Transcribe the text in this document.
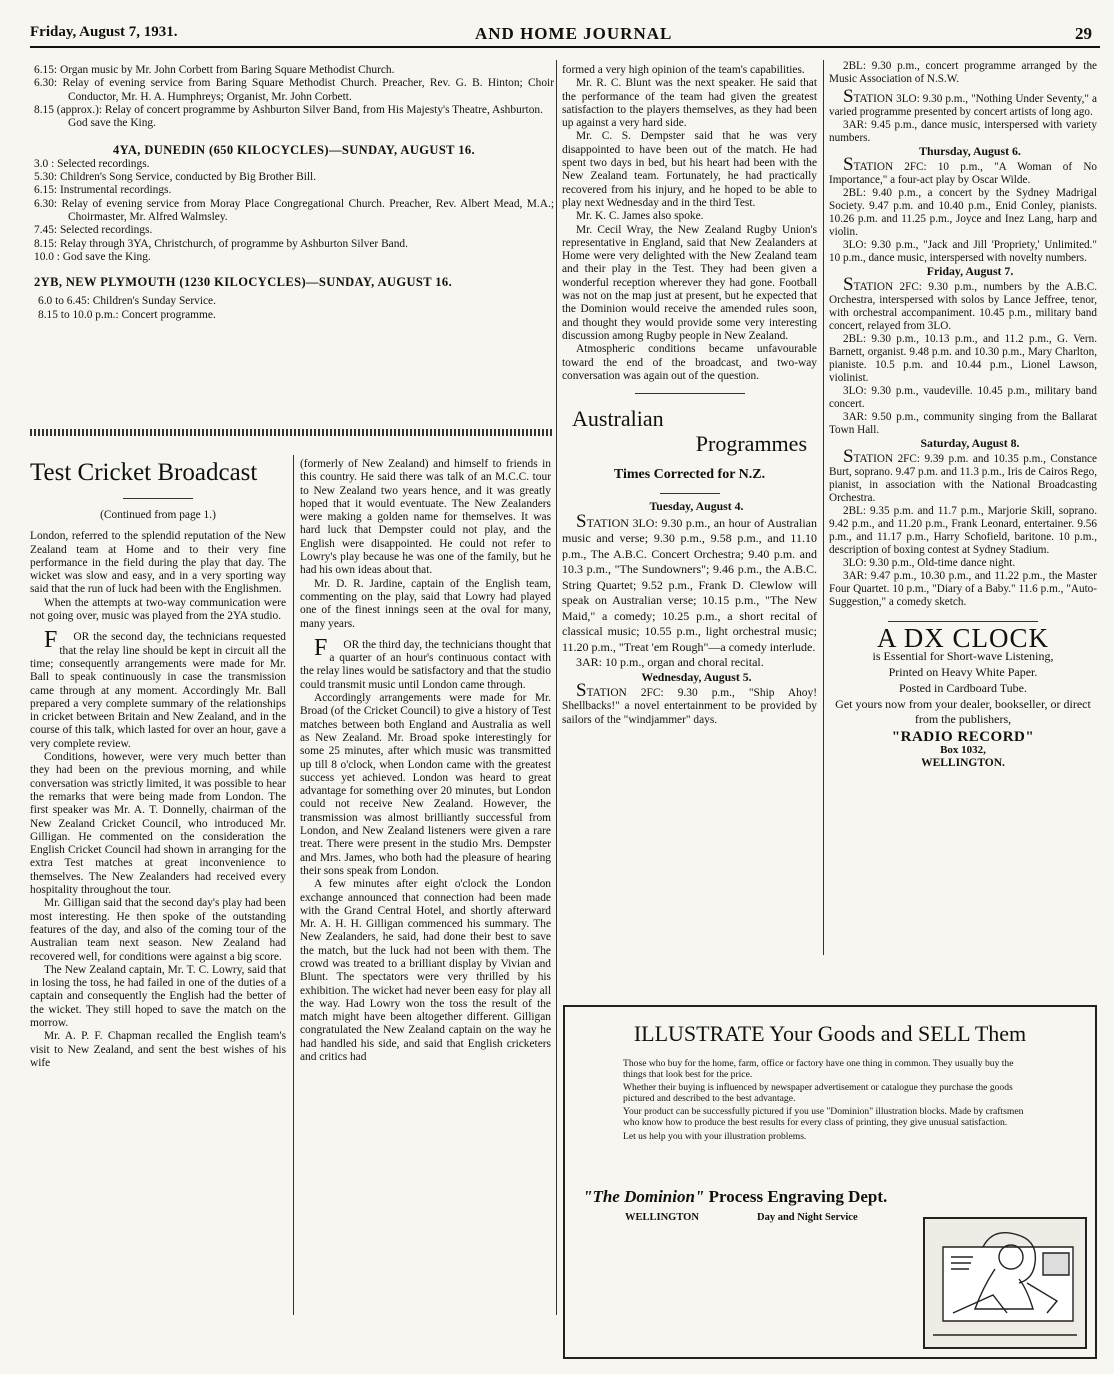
Friday, August 7, 1931.	AND HOME JOURNAL	29
6.15: Organ music by Mr. John Corbett from Baring Square Methodist Church.
6.30: Relay of evening service from Baring Square Methodist Church. Preacher, Rev. G. B. Hinton; Choir Conductor, Mr. H. A. Humphreys; Organist, Mr. John Corbett.
8.15 (approx.): Relay of concert programme by Ashburton Silver Band, from His Majesty's Theatre, Ashburton.
God save the King.
4YA, DUNEDIN (650 KILOCYCLES)—SUNDAY, AUGUST 16.
3.0 : Selected recordings.
5.30: Children's Song Service, conducted by Big Brother Bill.
6.15: Instrumental recordings.
6.30: Relay of evening service from Moray Place Congregational Church. Preacher, Rev. Albert Mead, M.A.; Choirmaster, Mr. Alfred Walmsley.
7.45: Selected recordings.
8.15: Relay through 3YA, Christchurch, of programme by Ashburton Silver Band.
10.0 : God save the King.
2YB, NEW PLYMOUTH (1230 KILOCYCLES)—SUNDAY, AUGUST 16.
6.0 to 6.45: Children's Sunday Service.
8.15 to 10.0 p.m.: Concert programme.
Test Cricket Broadcast

(Continued from page 1.)

London, referred to the splendid reputation of the New Zealand team at Home and to their very fine performance in the field during the play that day. The wicket was slow and easy, and in a very sporting way said that the run of luck had been with the Englishmen.

When the attempts at two-way communication were not going over, music was played from the 2YA studio.

FOR the second day, the technicians requested that the relay line should be kept in circuit all the time; consequently arrangements were made for Mr. Ball to speak continuously in case the transmission came through at any moment. Accordingly Mr. Ball prepared a very complete summary of the relationships in cricket between Britain and New Zealand, and in the course of this talk, which lasted for over an hour, gave a very complete review.

Conditions, however, were very much better than they had been on the previous morning, and while conversation was strictly limited, it was possible to hear the remarks that were being made from London. The first speaker was Mr. A. T. Donnelly, chairman of the New Zealand Cricket Council, who introduced Mr. Gilligan. He commented on the consideration the English Cricket Council had shown in arranging for the extra Test matches at great inconvenience to themselves. The New Zealanders had received every hospitality throughout the tour.

Mr. Gilligan said that the second day's play had been most interesting. He then spoke of the outstanding features of the day, and also of the coming tour of the Australian team next season. New Zealand had recovered well, for conditions were against a big score.

The New Zealand captain, Mr. T. C. Lowry, said that in losing the toss, he had failed in one of the duties of a captain and consequently the English had the better of the wicket. They still hoped to save the match on the morrow.

Mr. A. P. F. Chapman recalled the English team's visit to New Zealand, and sent the best wishes of his wife

(formerly of New Zealand) and himself to friends in this country. He said there was talk of an M.C.C. tour to New Zealand two years hence, and it was greatly hoped that it would eventuate. The New Zealanders were making a golden name for themselves. It was hard luck that Dempster could not play, and the English were disappointed. He could not refer to Lowry's play because he was one of the family, but he had his own ideas about that.

Mr. D. R. Jardine, captain of the English team, commenting on the play, said that Lowry had played one of the finest innings seen at the oval for many, many years.

FOR the third day, the technicians thought that a quarter of an hour's continuous contact with the relay lines would be satisfactory and that the studio could transmit music until London came through.

Accordingly arrangements were made for Mr. Broad (of the Cricket Council) to give a history of Test matches between both England and Australia as well as New Zealand. Mr. Broad spoke interestingly for some 25 minutes, after which music was transmitted up till 8 o'clock, when London came with the greatest success yet achieved. London was heard to great advantage for something over 20 minutes, but London could not receive New Zealand. However, the transmission was almost brilliantly successful from London, and New Zealand listeners were given a rare treat. There were present in the studio Mrs. Dempster and Mrs. James, who both had the pleasure of hearing their sons speak from London.

A few minutes after eight o'clock the London exchange announced that connection had been made with the Grand Central Hotel, and shortly afterward Mr. A. H. H. Gilligan commenced his summary. The New Zealanders, he said, had done their best to save the match, but the luck had not been with them. The crowd was treated to a brilliant display by Vivian and Blunt. The spectators were very thrilled by his exhibition. The wicket had never been easy for play all the way. Had Lowry won the toss the result of the match might have been altogether different. Gilligan congratulated the New Zealand captain on the way he had handled his side, and said that English cricketers and critics had

formed a very high opinion of the team's capabilities.

Mr. R. C. Blunt was the next speaker. He said that the performance of the team had given the greatest satisfaction to the players themselves, as they had been up against a very hard side.

Mr. C. S. Dempster said that he was very disappointed to have been out of the match. He had spent two days in bed, but his heart had been with the New Zealand team. Fortunately, he had practically recovered from his injury, and he hoped to be able to play next Wednesday and in the third Test.

Mr. K. C. James also spoke.

Mr. Cecil Wray, the New Zealand Rugby Union's representative in England, said that New Zealanders at Home were very delighted with the New Zealand team and their play in the Test. They had been given a wonderful reception wherever they had gone. Football was not on the map just at present, but he expected that the Dominion would receive the amended rules soon, and thought they would provide some very interesting discussion among Rugby people in New Zealand.

Atmospheric conditions became unfavourable toward the end of the broadcast, and two-way conversation was again out of the question.

Australian
Programmes
Times Corrected for N.Z.

Tuesday, August 4.

STATION 3LO: 9.30 p.m., an hour of Australian music and verse; 9.30 p.m., 9.58 p.m., and 11.10 p.m., The A.B.C. Concert Orchestra; 9.40 p.m. and 10.3 p.m., "The Sundowners"; 9.46 p.m., the A.B.C. String Quartet; 9.52 p.m., Frank D. Clewlow will speak on Australian verse; 10.15 p.m., "The New Maid," a comedy; 10.25 p.m., a short recital of classical music; 10.55 p.m., light orchestral music; 11.20 p.m., "Treat 'em Rough"—a comedy interlude.

3AR: 10 p.m., organ and choral recital.

Wednesday, August 5.

STATION 2FC: 9.30 p.m., "Ship Ahoy! Shellbacks!" a novel entertainment to be provided by sailors of the "windjammer" days.

2BL: 9.30 p.m., concert programme arranged by the Music Association of N.S.W.

STATION 3LO: 9.30 p.m., "Nothing Under Seventy," a varied programme presented by concert artists of long ago.

3AR: 9.45 p.m., dance music, interspersed with variety numbers.

Thursday, August 6.

STATION 2FC: 10 p.m., "A Woman of No Importance," a four-act play by Oscar Wilde.

2BL: 9.40 p.m., a concert by the Sydney Madrigal Society. 9.47 p.m. and 10.40 p.m., Enid Conley, pianists. 10.26 p.m. and 11.25 p.m., Joyce and Inez Lang, harp and violin.

3LO: 9.30 p.m., "Jack and Jill 'Propriety,' Unlimited." 10 p.m., dance music, interspersed with novelty numbers.

Friday, August 7.

STATION 2FC: 9.30 p.m., numbers by the A.B.C. Orchestra, interspersed with solos by Lance Jeffree, tenor, with orchestral accompaniment. 10.45 p.m., military band concert, relayed from 3LO.

2BL: 9.30 p.m., 10.13 p.m., and 11.2 p.m., G. Vern. Barnett, organist. 9.48 p.m. and 10.30 p.m., Mary Charlton, pianiste. 10.5 p.m. and 10.44 p.m., Lionel Lawson, violinist.

3LO: 9.30 p.m., vaudeville. 10.45 p.m., military band concert.

3AR: 9.50 p.m., community singing from the Ballarat Town Hall.

Saturday, August 8.

STATION 2FC: 9.39 p.m. and 10.35 p.m., Constance Burt, soprano. 9.47 p.m. and 11.3 p.m., Iris de Cairos Rego, pianist, in association with the National Broadcasting Orchestra.

2BL: 9.35 p.m. and 11.7 p.m., Marjorie Skill, soprano. 9.42 p.m., and 11.20 p.m., Frank Leonard, entertainer. 9.56 p.m., and 11.17 p.m., Harry Schofield, baritone. 10 p.m., description of boxing contest at Sydney Stadium.

3LO: 9.30 p.m., Old-time dance night.

3AR: 9.47 p.m., 10.30 p.m., and 11.22 p.m., the Master Four Quartet. 10 p.m., "Diary of a Baby." 11.6 p.m., "Auto-Suggestion," a comedy sketch.

A DX CLOCK
is Essential for Short-wave Listening,
Printed on Heavy White Paper.
Posted in Cardboard Tube.
Get yours now from your dealer, bookseller, or direct from the publishers,
"RADIO RECORD"
Box 1032,
WELLINGTON.
ILLUSTRATE Your Goods and SELL Them
Those who buy for the home, farm, office or factory have one thing in common. They usually buy the things that look best for the price.
Whether their buying is influenced by newspaper advertisement or catalogue they purchase the goods pictured and described to the best advantage.
Your product can be successfully pictured if you use "Dominion" illustration blocks. Made by craftsmen who know how to produce the best results for every class of printing, they give unusual satisfaction.
Let us help you with your illustration problems.
"The Dominion" Process Engraving Dept.
WELLINGTON	Day and Night Service
